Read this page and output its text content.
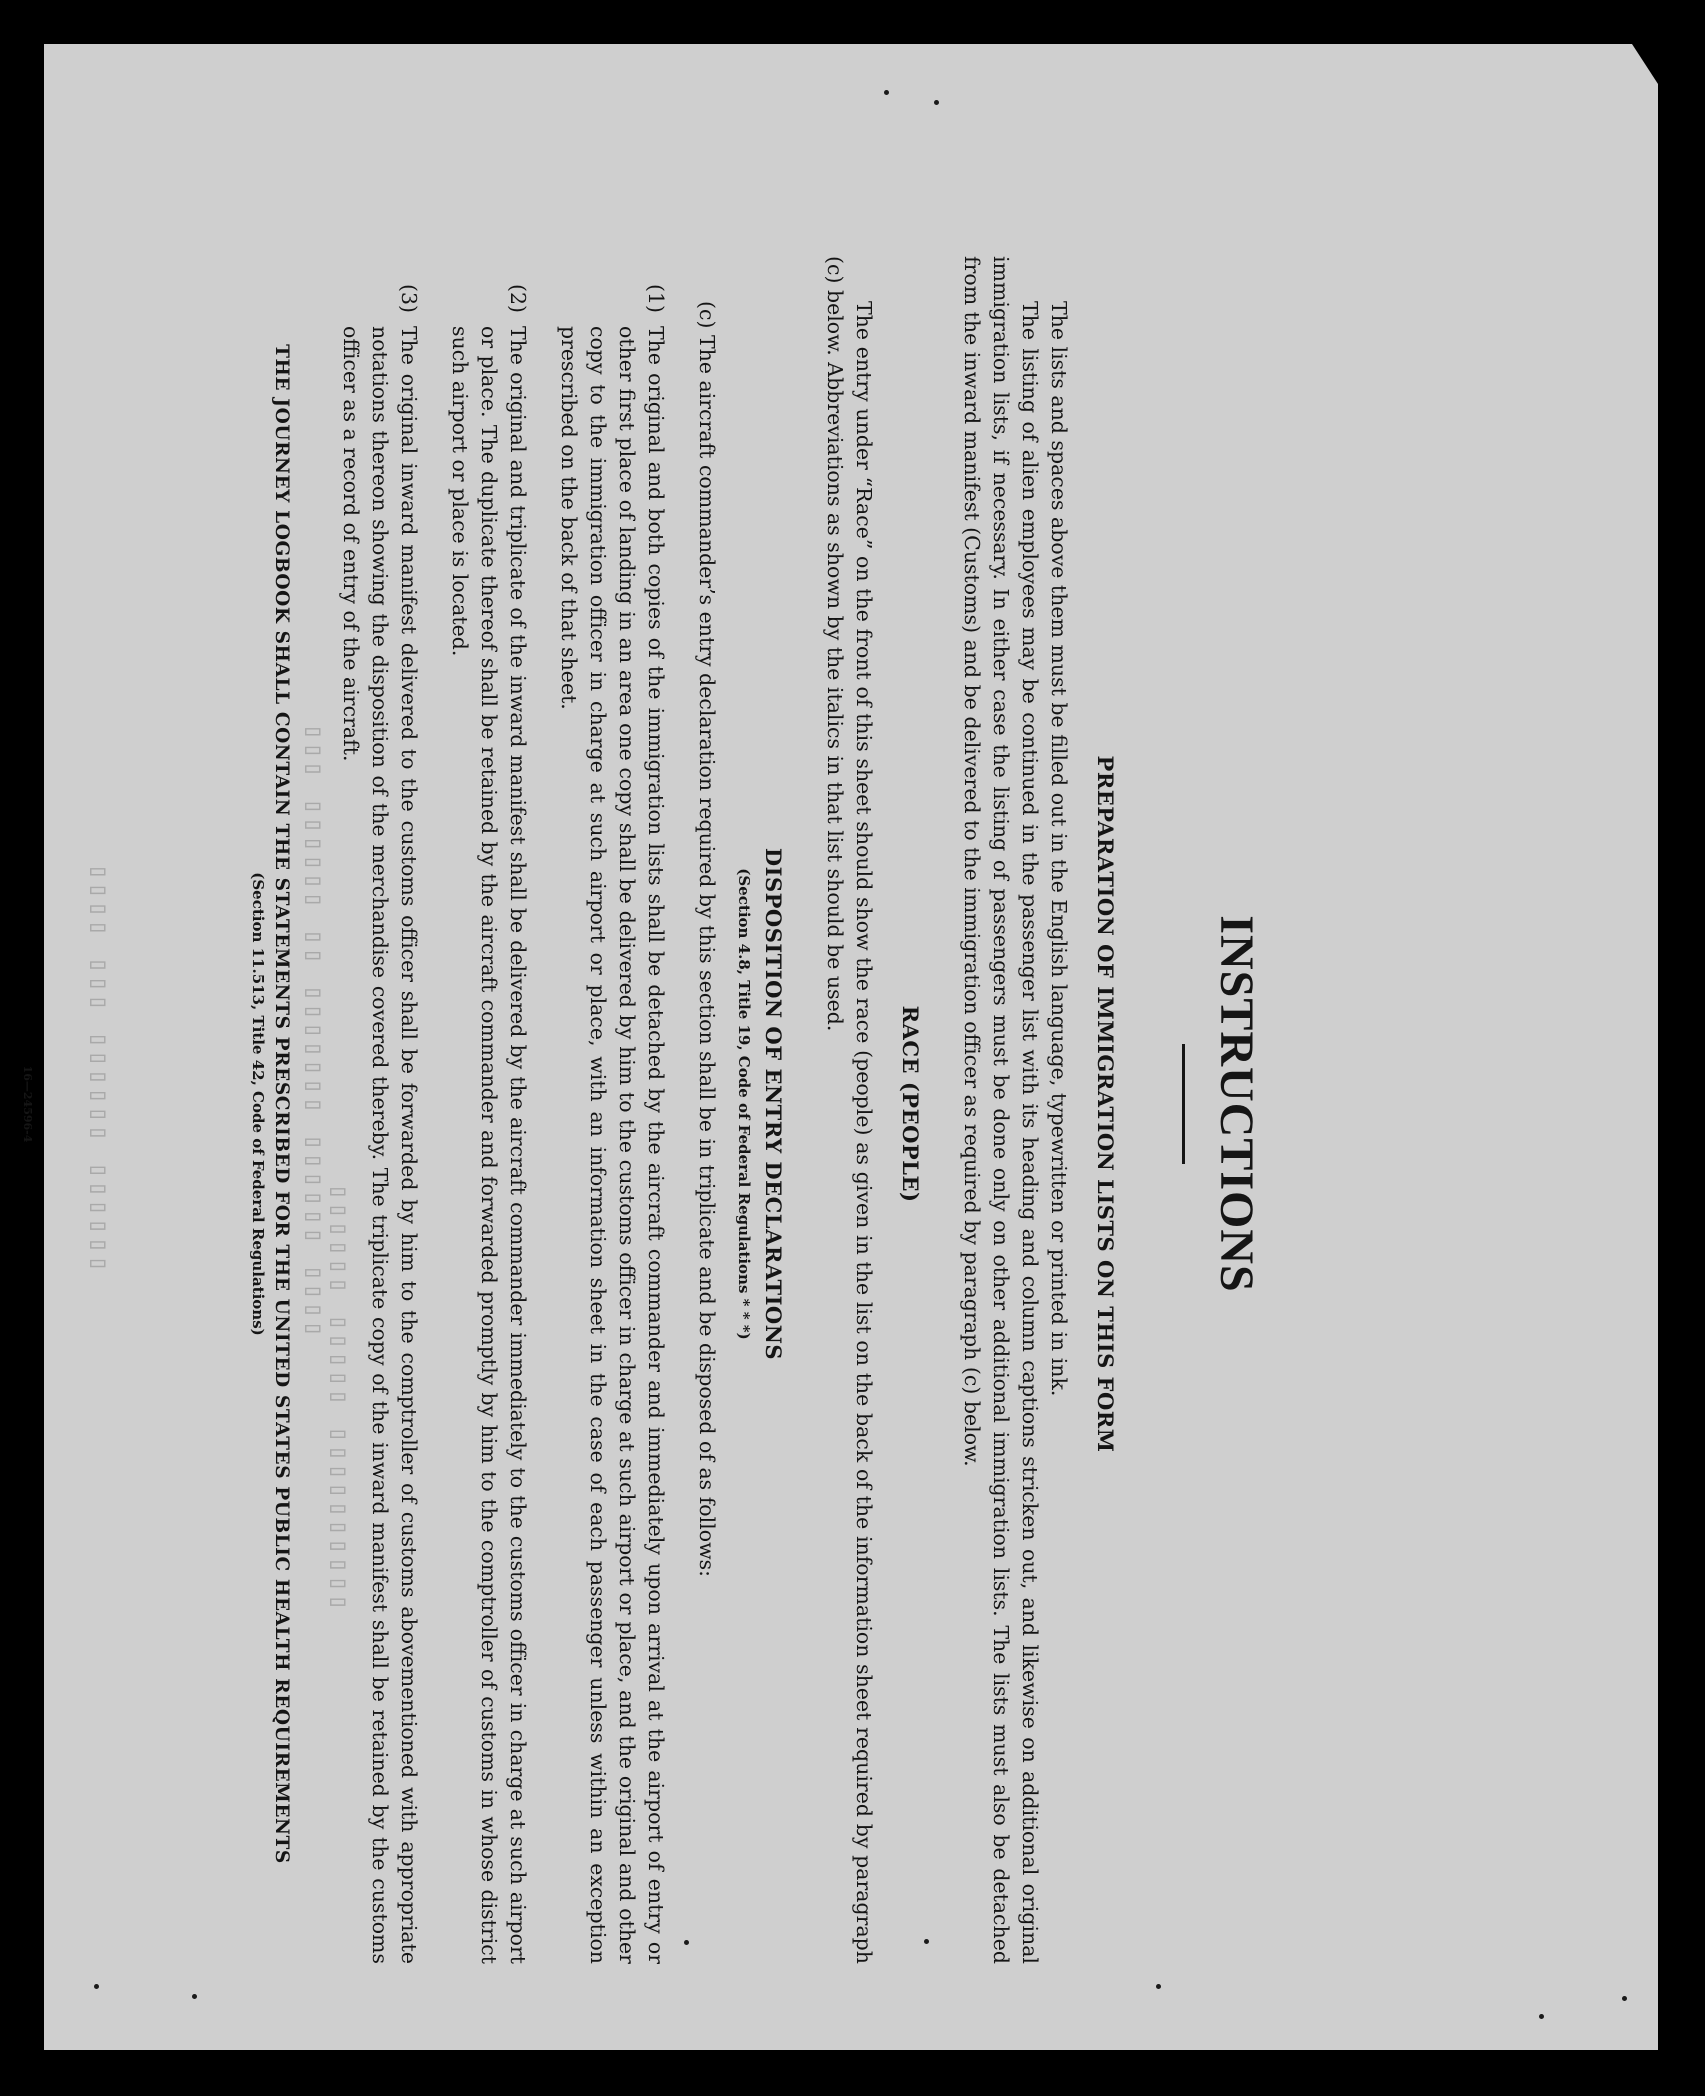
▯▯▯ ▯▯▯▯▯▯ ▯▯ ▯▯▯▯▯▯▯ ▯▯▯▯▯▯ ▯▯▯▯
▯▯▯▯▯▯ ▯▯▯▯▯ ▯▯▯▯▯▯▯▯▯▯
▯▯▯▯ ▯▯▯ ▯▯▯▯▯▯ ▯▯▯▯▯▯	INSTRUCTIONS
PREPARATION OF IMMIGRATION LISTS ON THIS FORM

The lists and spaces above them must be filled out in the English language, typewritten or printed in ink.

The listing of alien employees may be continued in the passenger list with its heading and column captions stricken out, and likewise on additional original immigration lists, if necessary. In either case the listing of passengers must be done only on other additional immigration lists. The lists must also be detached from the inward manifest (Customs) and be delivered to the immigration officer as required by paragraph (c) below.

RACE (PEOPLE)

The entry under “Race” on the front of this sheet should show the race (people) as given in the list on the back of the information sheet required by paragraph (c) below. Abbreviations as shown by the italics in that list should be used.

DISPOSITION OF ENTRY DECLARATIONS
(Section 4.8, Title 19, Code of Federal Regulations * * *)

(c) The aircraft commander’s entry declaration required by this section shall be in triplicate and be disposed of as follows:

(1)
The original and both copies of the immigration lists shall be detached by the aircraft commander and immediately upon arrival at the airport of entry or other first place of landing in an area one copy shall be delivered by him to the customs officer in charge at such airport or place, and the original and other copy to the immigration officer in charge at such airport or place, with an information sheet in the case of each passenger unless within an exception prescribed on the back of that sheet.
(2)
The original and triplicate of the inward manifest shall be delivered by the aircraft commander immediately to the customs officer in charge at such airport or place. The duplicate thereof shall be retained by the aircraft commander and forwarded promptly by him to the comptroller of customs in whose district such airport or place is located.
(3)
The original inward manifest delivered to the customs officer shall be forwarded by him to the comptroller of customs abovementioned with appropriate notations thereon showing the disposition of the merchandise covered thereby. The triplicate copy of the inward manifest shall be retained by the customs officer as a record of entry of the aircraft.
THE JOURNEY LOGBOOK SHALL CONTAIN THE STATEMENTS PRESCRIBED FOR THE UNITED STATES PUBLIC HEALTH REQUIREMENTS
(Section 11.513, Title 42, Code of Federal Regulations)
16—24596-4
